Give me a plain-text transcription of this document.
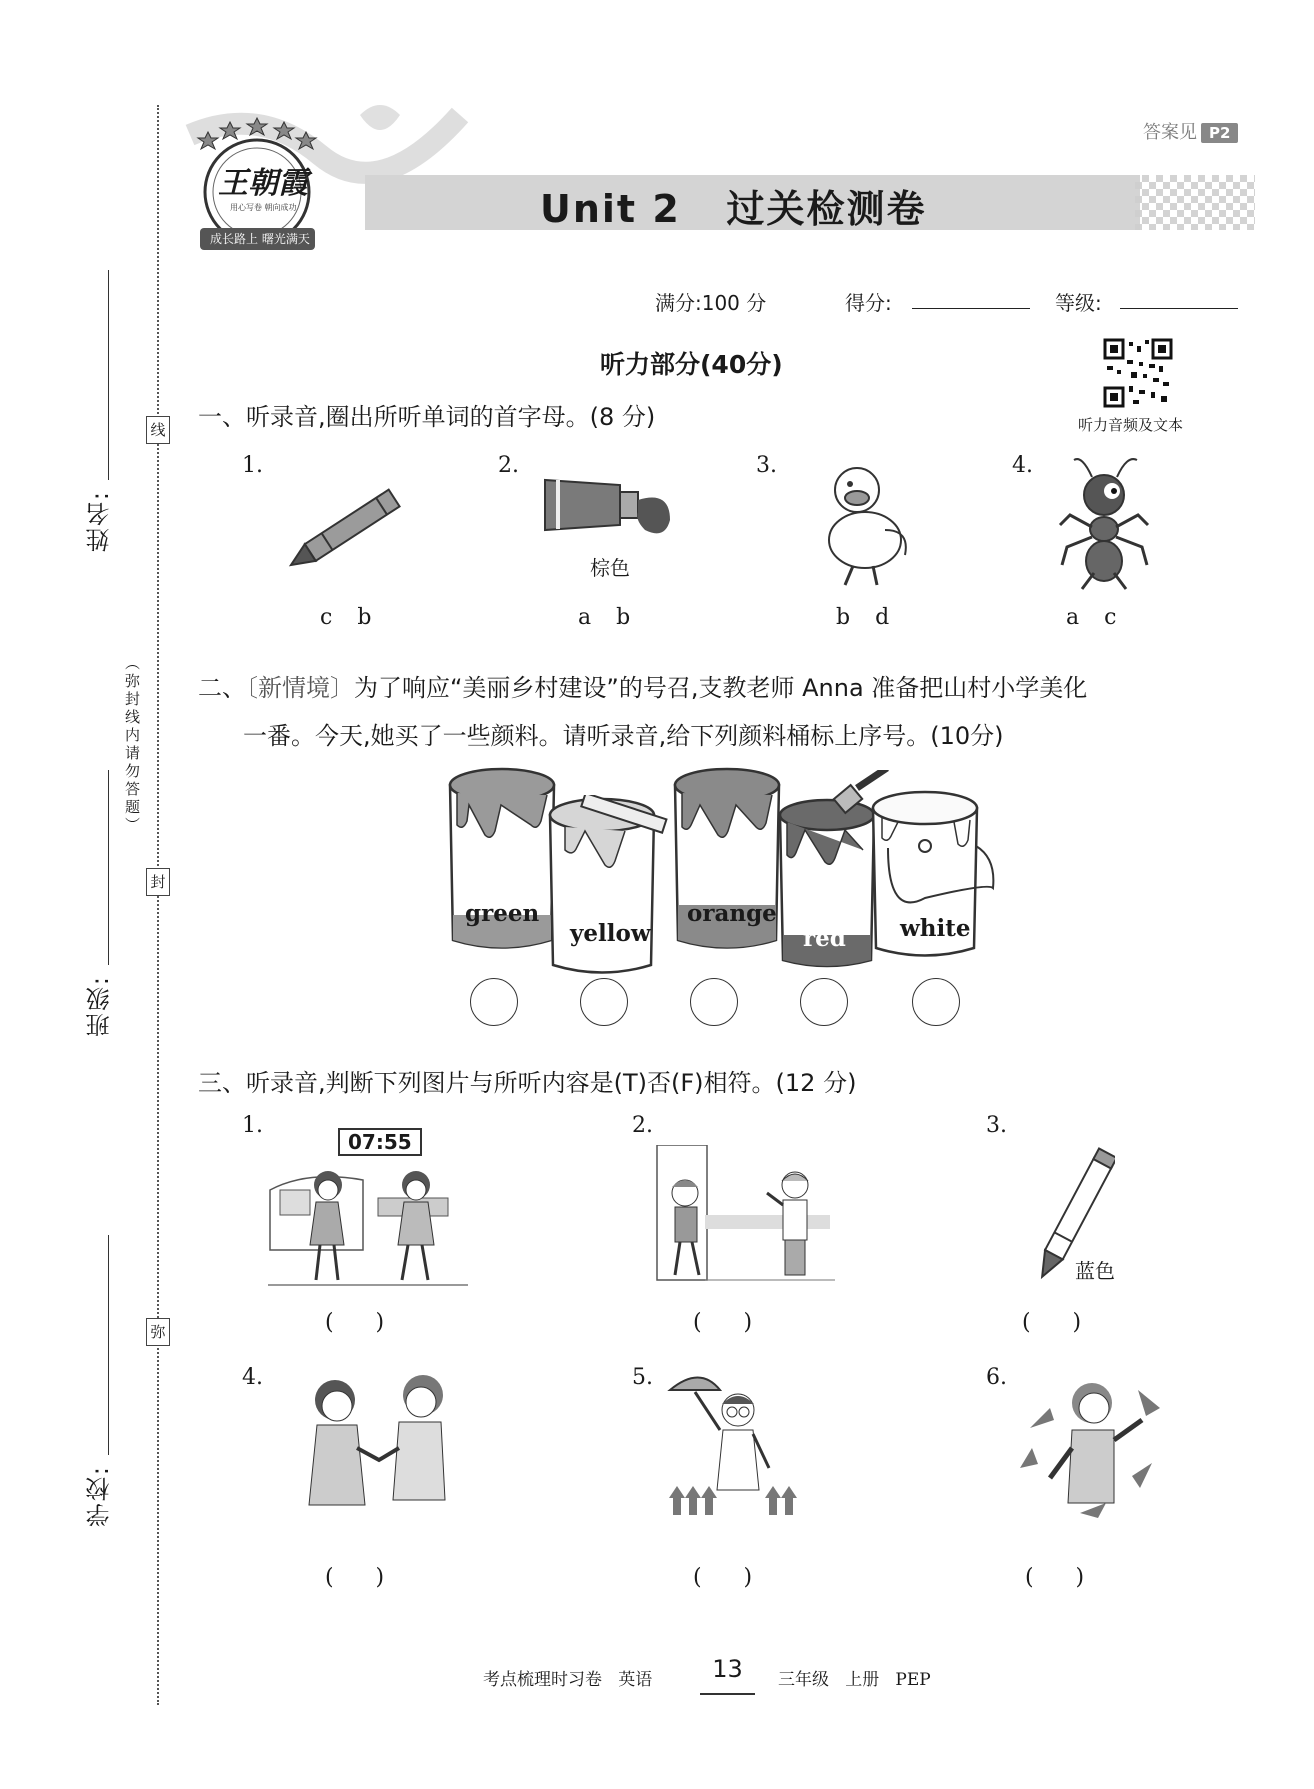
线
封
弥
（弥封线内请勿答题）
姓名:
班级:
学校:
Unit 2   过关检测卷
王朝霞
用心写卷 朝向成功
成长路上 曙光满天
答案见 P2
满分:100 分	得分:	等级:
听力部分(40分)
听力音频及文本
一、听录音,圈出所听单词的首字母。(8 分)
1.
c b
2.
棕色
a b
3.
b d
4.
a c
二、〔新情境〕为了响应“美丽乡村建设”的号召,支教老师 Anna 准备把山村小学美化
一番。今天,她买了一些颜料。请听录音,给下列颜料桶标上序号。(10分)
green
yellow
orange
red white
三、听录音,判断下列图片与所听内容是(T)否(F)相符。(12 分)
1.
07:55
(      )
2.
(      )
3.
蓝色
(      )
4.
(      )
5.
(      )
6.
(      )
考点梳理时习卷   英语	13	三年级   上册   PEP
